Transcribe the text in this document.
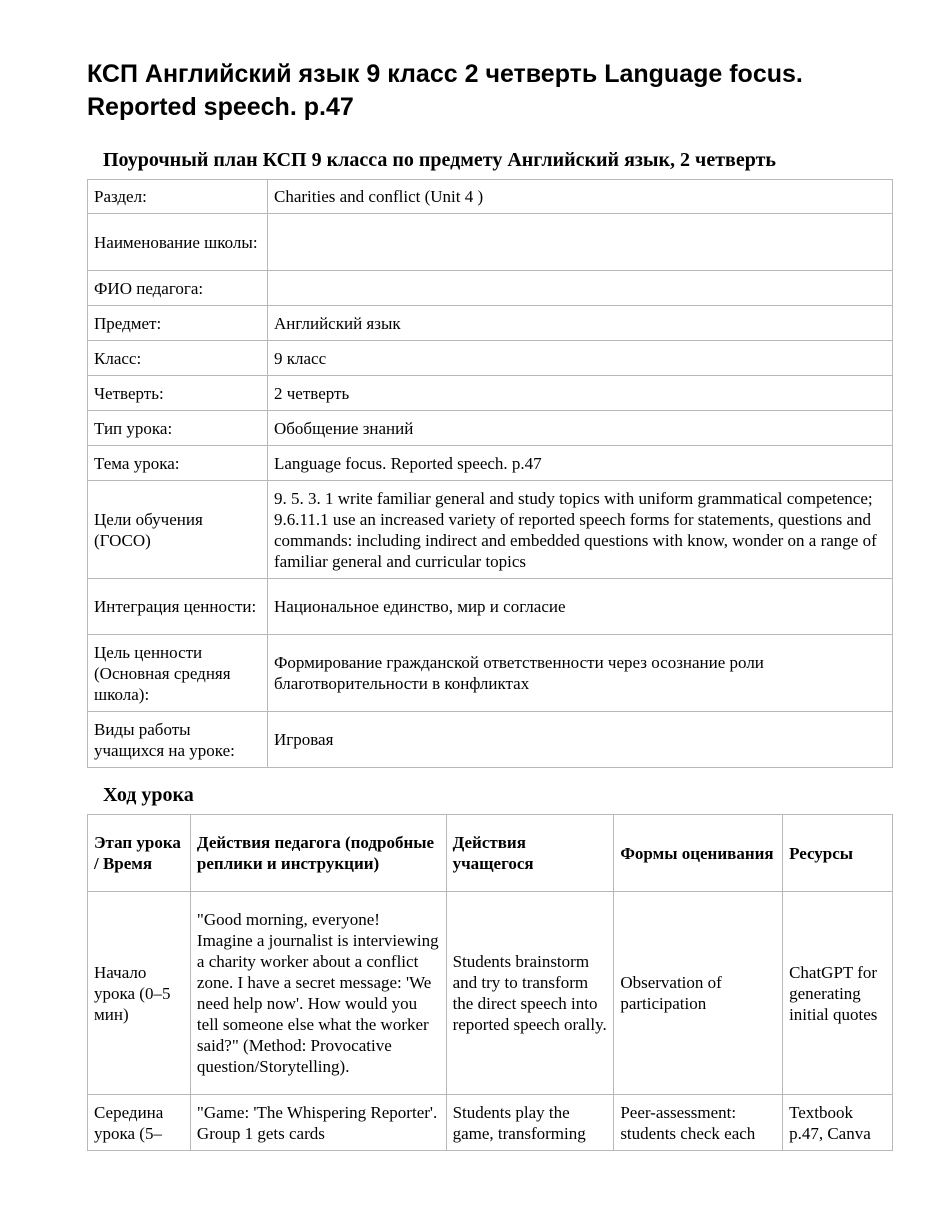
КСП Английский язык 9 класс 2 четверть Language focus. Reported speech. p.47
Поурочный план КСП 9 класса по предмету Английский язык, 2 четверть
Раздел:	Charities and conflict (Unit 4 )
Наименование школы:	
ФИО педагога:	
Предмет:	Английский язык
Класс:	9 класс
Четверть:	2 четверть
Тип урока:	Обобщение знаний
Тема урока:	Language focus. Reported speech. p.47
Цели обучения (ГОСО)	9. 5. 3. 1 write familiar general and study topics with uniform grammatical competence; 9.6.11.1 use an increased variety of reported speech forms for statements, questions and commands: including indirect and embedded questions with know, wonder on a range of familiar general and curricular topics
Интеграция ценности:	Национальное единство, мир и согласие
Цель ценности (Основная средняя школа):	Формирование гражданской ответственности через осознание роли благотворительности в конфликтах
Виды работы учащихся на уроке:	Игровая
Ход урока
Этап урока / Время	Действия педагога (подробные реплики и инструкции)	Действия учащегося	Формы оценивания	Ресурсы
Начало урока (0–5 мин)	"Good morning, everyone! Imagine a journalist is interviewing a charity worker about a conflict zone. I have a secret message: 'We need help now'. How would you tell someone else what the worker said?" (Method: Provocative question/Storytelling).	Students brainstorm and try to transform the direct speech into reported speech orally.	Observation of participation	ChatGPT for generating initial quotes
Середина урока (5–	"Game: 'The Whispering Reporter'. Group 1 gets cards	Students play the game, transforming	Peer-assessment: students check each	Textbook p.47, Canva
